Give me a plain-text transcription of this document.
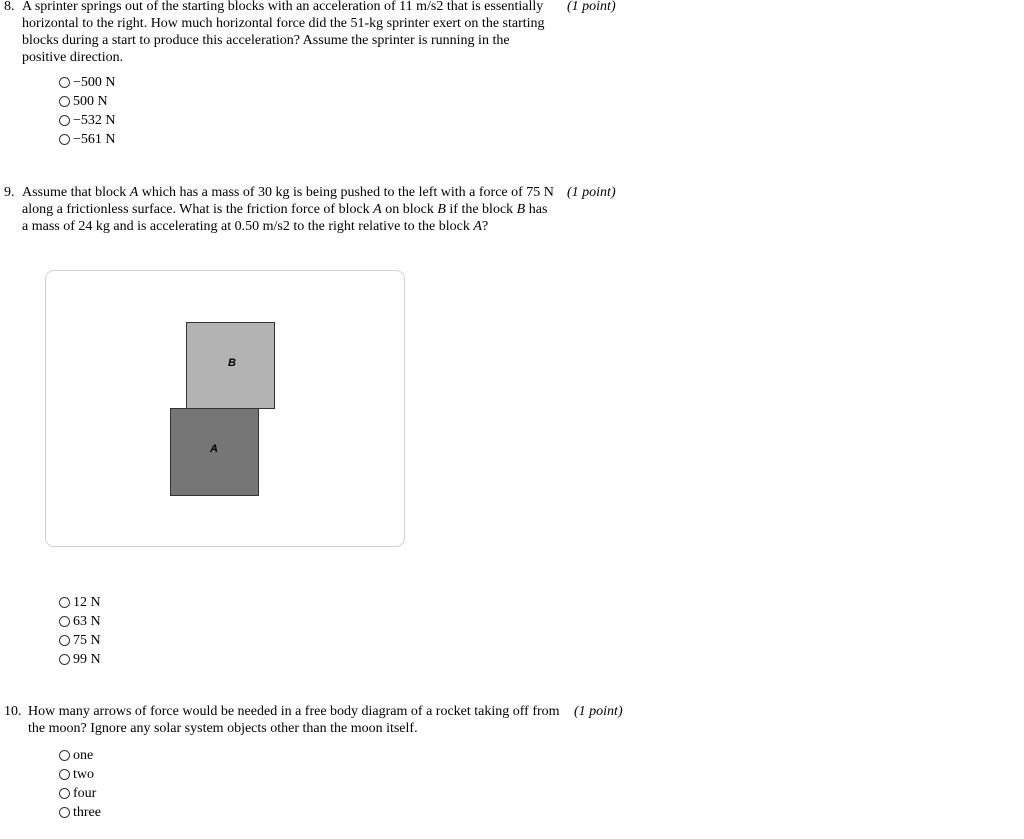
8. A sprinter springs out of the starting blocks with an acceleration of 11 m/s2 that is essentially
horizontal to the right. How much horizontal force did the 51-kg sprinter exert on the starting
blocks during a start to produce this acceleration? Assume the sprinter is running in the
positive direction.
(1 point)
−500 N
500 N
−532 N
−561 N
9. Assume that block A which has a mass of 30 kg is being pushed to the left with a force of 75 N
along a frictionless surface. What is the friction force of block A on block B if the block B has
a mass of 24 kg and is accelerating at 0.50 m/s2 to the right relative to the block A?
(1 point)
B
A
12 N
63 N
75 N
99 N
10. How many arrows of force would be needed in a free body diagram of a rocket taking off from
the moon? Ignore any solar system objects other than the moon itself.
(1 point)
one
two
four
three
